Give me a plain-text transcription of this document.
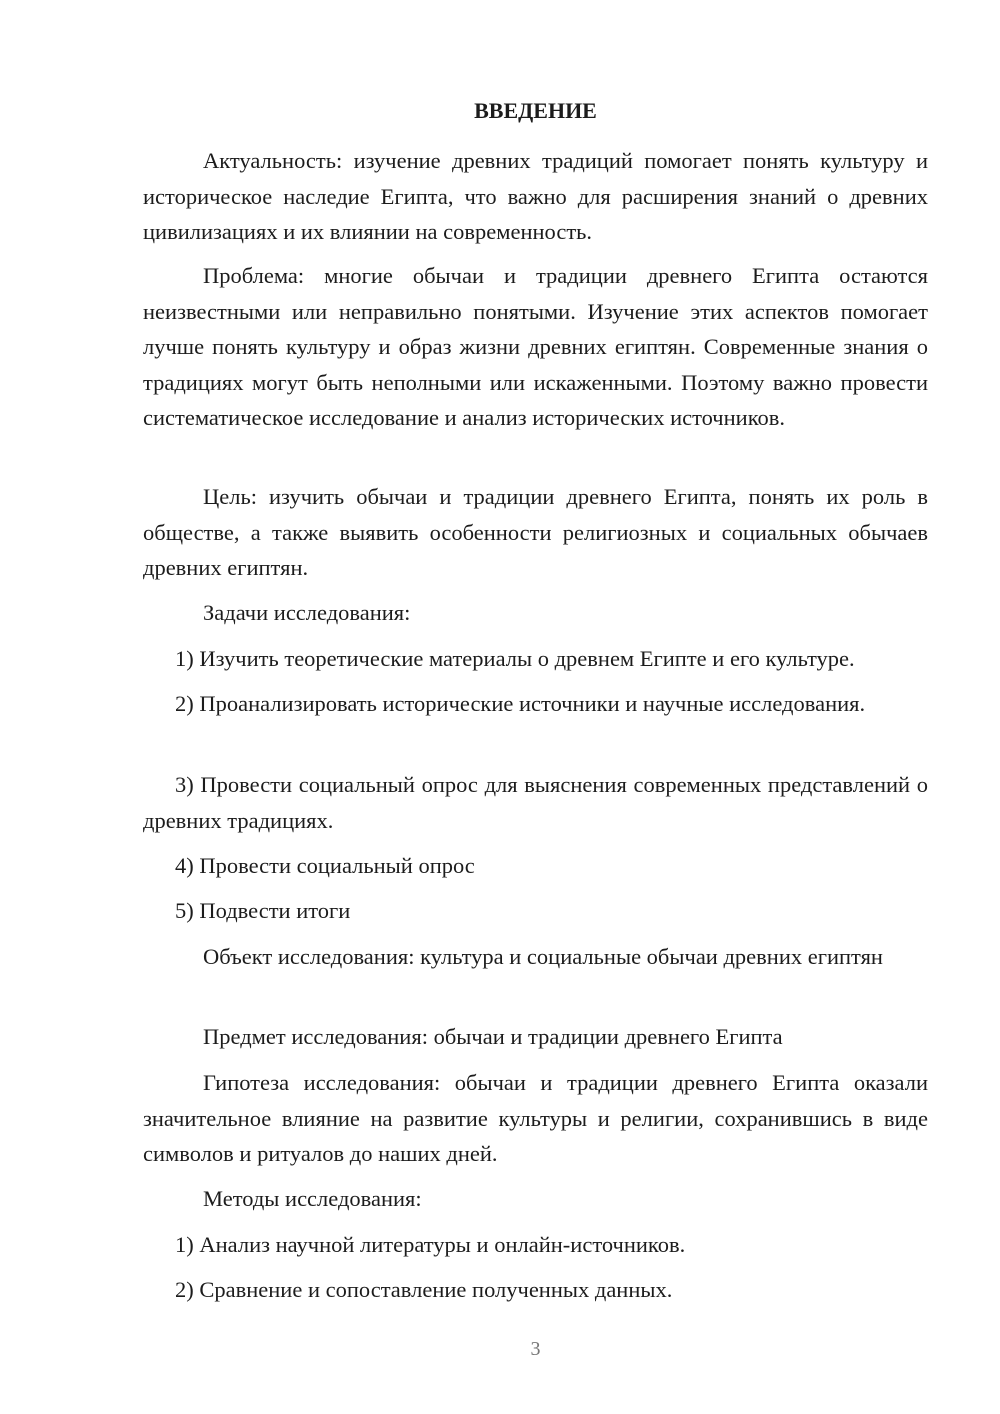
ВВЕДЕНИЕ

Актуальность: изучение древних традиций помогает понять культуру и историческое наследие Египта, что важно для расширения знаний о древних цивилизациях и их влиянии на современность.

Проблема: многие обычаи и традиции древнего Египта остаются неизвестными или неправильно понятыми. Изучение этих аспектов помогает лучше понять культуру и образ жизни древних египтян. Современные знания о традициях могут быть неполными или искаженными. Поэтому важно провести систематическое исследование и анализ исторических источников.

Цель: изучить обычаи и традиции древнего Египта, понять их роль в обществе, а также выявить особенности религиозных и социальных обычаев древних египтян.

Задачи исследования:

1) Изучить теоретические материалы о древнем Египте и его культуре.

2) Проанализировать исторические источники и научные исследования.

3) Провести социальный опрос для выяснения современных представлений о древних традициях.

4) Провести социальный опрос

5) Подвести итоги

Объект исследования: культура и социальные обычаи древних египтян

Предмет исследования: обычаи и традиции древнего Египта

Гипотеза исследования: обычаи и традиции древнего Египта оказали значительное влияние на развитие культуры и религии, сохранившись в виде символов и ритуалов до наших дней.

Методы исследования:

1) Анализ научной литературы и онлайн-источников.

2) Сравнение и сопоставление полученных данных.

3
